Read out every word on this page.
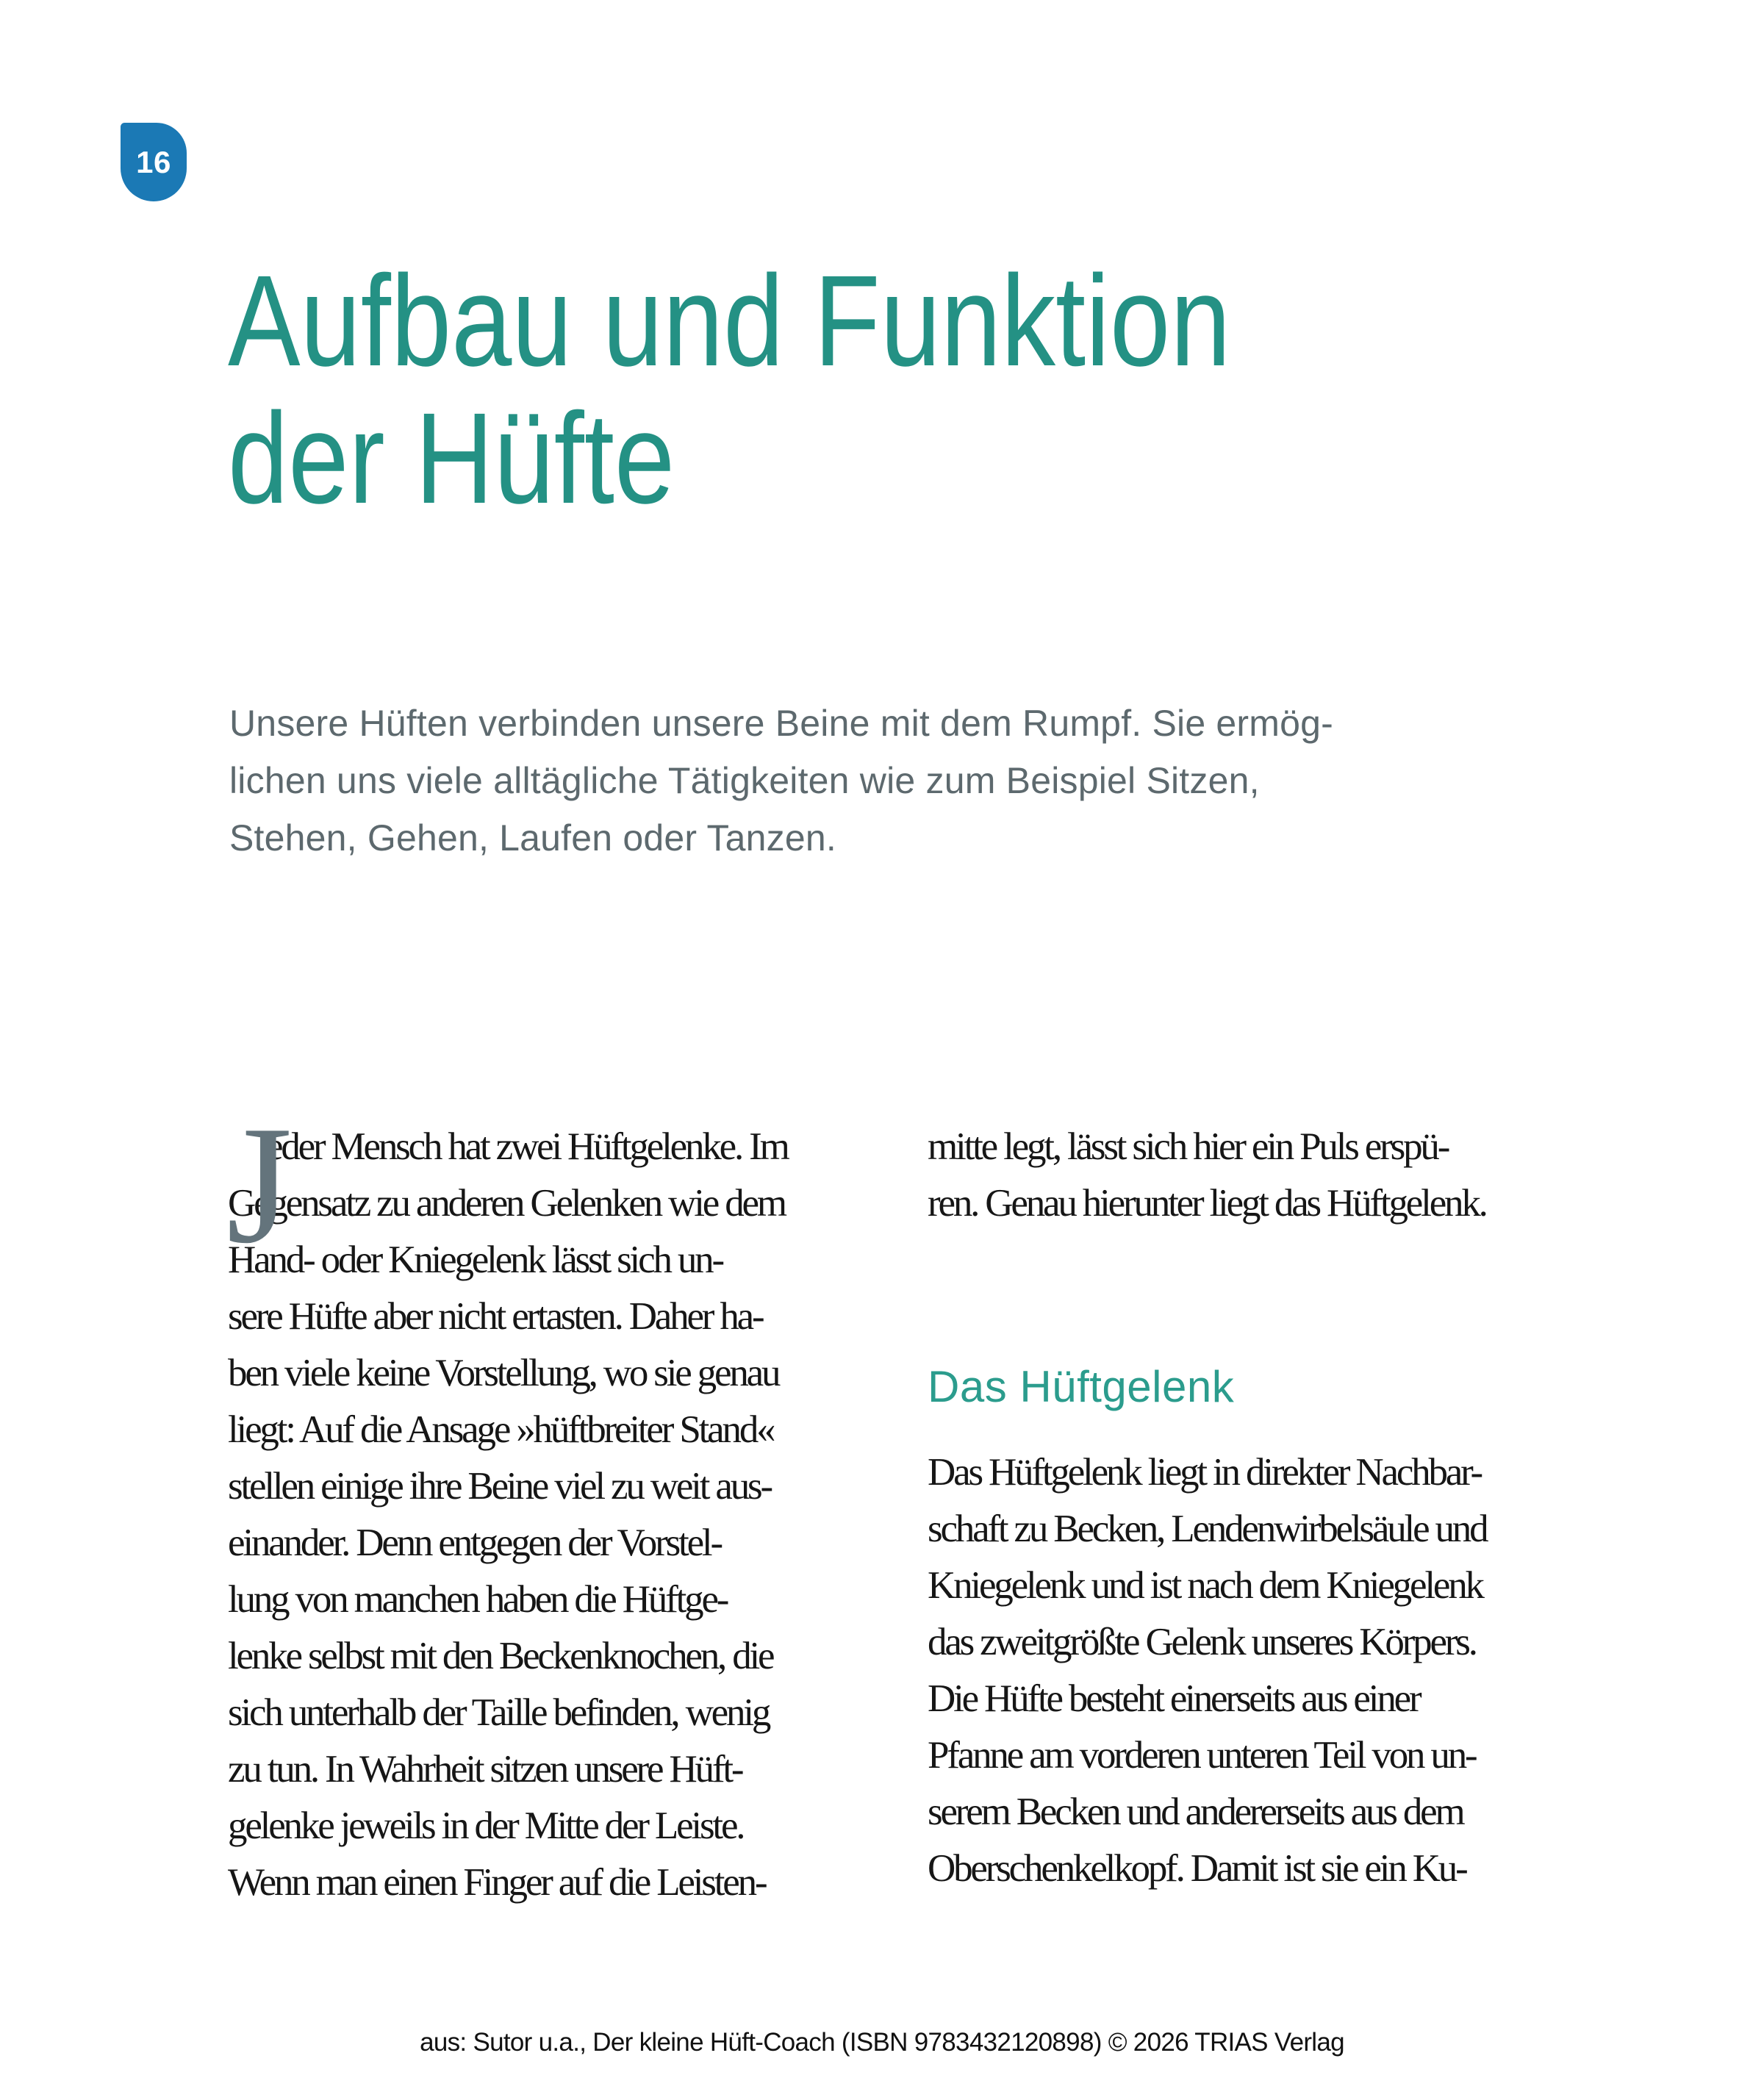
16
Aufbau und Funktion
der Hüfte
Unsere Hüften verbinden unsere Beine mit dem Rumpf. Sie ermög-
lichen uns viele alltägliche Tätigkeiten wie zum Beispiel Sitzen,
Stehen, Gehen, Laufen oder Tanzen.
J
eder Mensch hat zwei Hüftgelenke. Im
Gegensatz zu anderen Gelenken wie dem
Hand- oder Kniegelenk lässt sich un-
sere Hüfte aber nicht ertasten. Daher ha-
ben viele keine Vorstellung, wo sie genau
liegt: Auf die Ansage »hüftbreiter Stand«
stellen einige ihre Beine viel zu weit aus-
einander. Denn entgegen der Vorstel-
lung von manchen haben die Hüftge-
lenke selbst mit den Beckenknochen, die
sich unterhalb der Taille befinden, wenig
zu tun. In Wahrheit sitzen unsere Hüft-
gelenke jeweils in der Mitte der Leiste.
Wenn man einen Finger auf die Leisten-
mitte legt, lässt sich hier ein Puls erspü-
ren. Genau hierunter liegt das Hüftgelenk.
Das Hüftgelenk
Das Hüftgelenk liegt in direkter Nachbar-
schaft zu Becken, Lendenwirbelsäule und
Kniegelenk und ist nach dem Kniegelenk
das zweitgrößte Gelenk unseres Körpers.
Die Hüfte besteht einerseits aus einer
Pfanne am vorderen unteren Teil von un-
serem Becken und andererseits aus dem
Oberschenkelkopf. Damit ist sie ein Ku-
aus: Sutor u.a., Der kleine Hüft-Coach (ISBN 9783432120898) © 2026 TRIAS Verlag
